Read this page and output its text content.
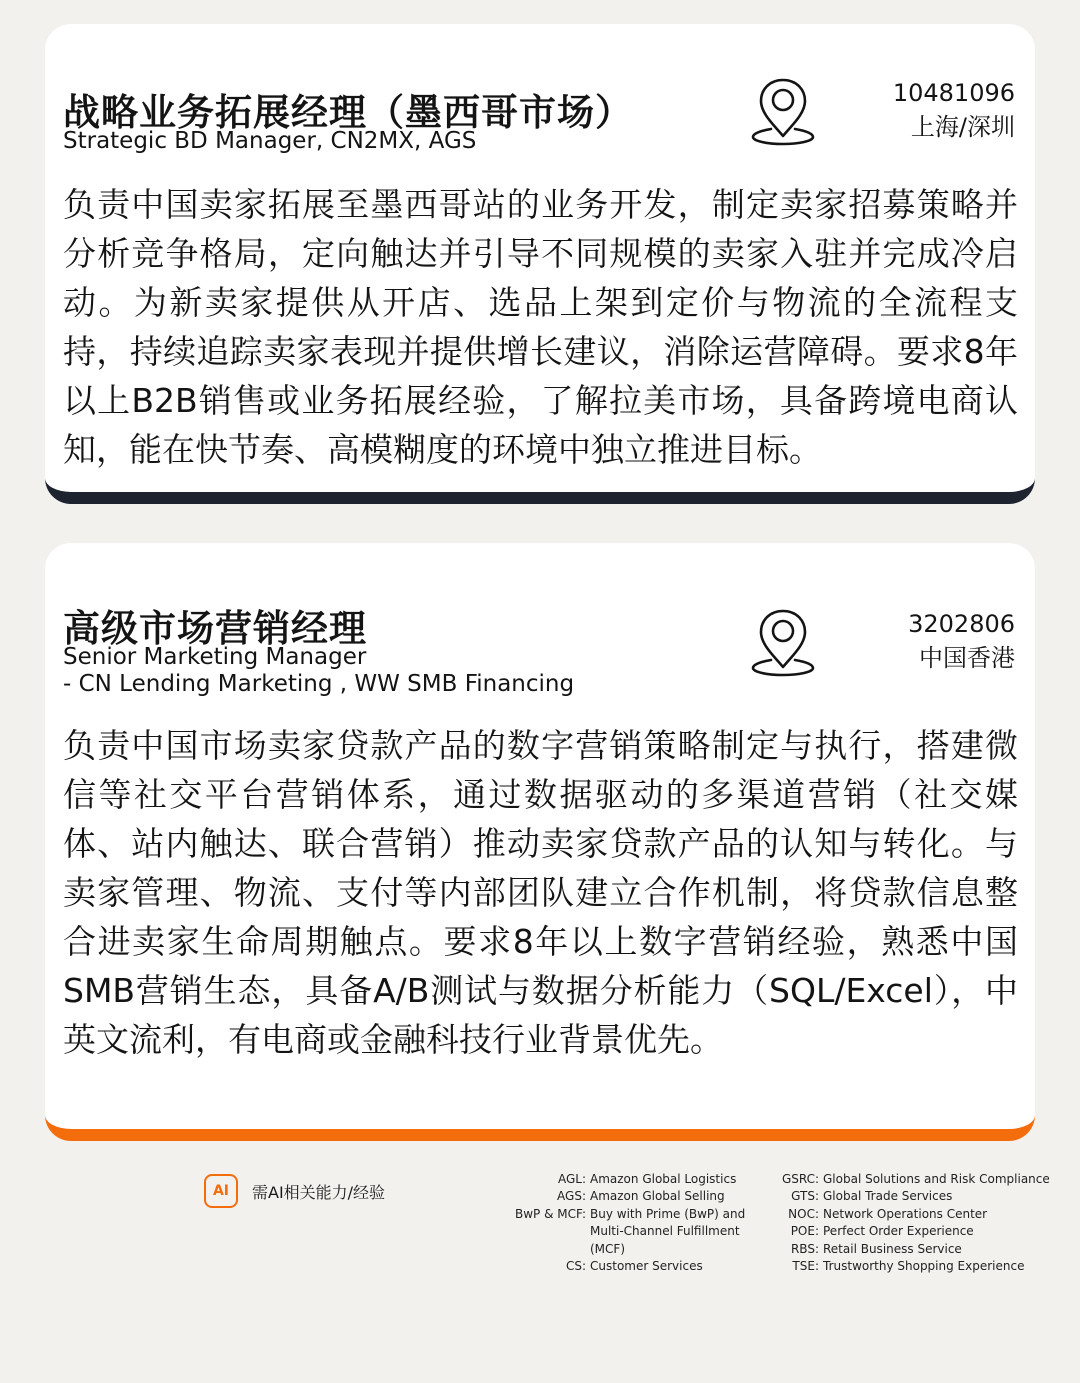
战略业务拓展经理（墨西哥市场）
Strategic BD Manager, CN2MX, AGS
10481096
上海/深圳

负责中国卖家拓展至墨西哥站的业务开发，制定卖家招募策略并分析竞争格局，定向触达并引导不同规模的卖家入驻并完成冷启动。为新卖家提供从开店、选品上架到定价与物流的全流程支持，持续追踪卖家表现并提供增长建议，消除运营障碍。要求8年以上B2B销售或业务拓展经验，了解拉美市场，具备跨境电商认知，能在快节奏、高模糊度的环境中独立推进目标。

高级市场营销经理
Senior Marketing Manager
- CN Lending Marketing , WW SMB Financing
3202806
中国香港

负责中国市场卖家贷款产品的数字营销策略制定与执行，搭建微信等社交平台营销体系，通过数据驱动的多渠道营销（社交媒体、站内触达、联合营销）推动卖家贷款产品的认知与转化。与卖家管理、物流、支付等内部团队建立合作机制，将贷款信息整合进卖家生命周期触点。要求8年以上数字营销经验，熟悉中国SMB营销生态，具备A/B测试与数据分析能力（SQL/Excel），中英文流利，有电商或金融科技行业背景优先。

AI	需AI相关能力/经验
AGL: Amazon Global Logistics
AGS: Amazon Global Selling
BwP & MCF: Buy with Prime (BwP) and Multi-Channel Fulfillment (MCF)
CS: Customer Services
GSRC: Global Solutions and Risk Compliance
GTS: Global Trade Services
NOC: Network Operations Center
POE: Perfect Order Experience
RBS: Retail Business Service
TSE: Trustworthy Shopping Experience
